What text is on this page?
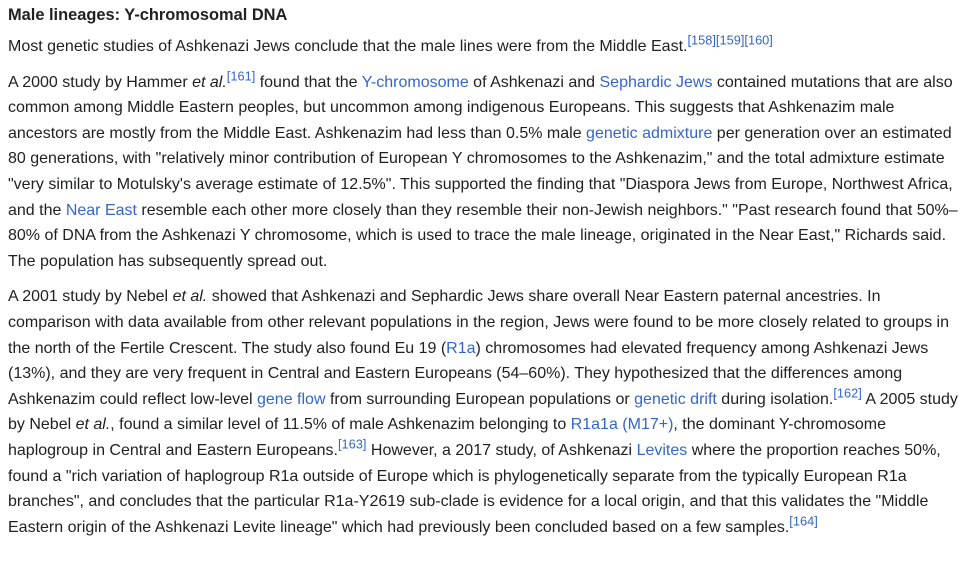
Male lineages: Y-chromosomal DNA

Most genetic studies of Ashkenazi Jews conclude that the male lines were from the Middle East.[158][159][160]

A 2000 study by Hammer et al.[161] found that the Y-chromosome of Ashkenazi and Sephardic Jews contained mutations that are also common among Middle Eastern peoples, but uncommon among indigenous Europeans. This suggests that Ashkenazim male ancestors are mostly from the Middle East. Ashkenazim had less than 0.5% male genetic admixture per generation over an estimated 80 generations, with "relatively minor contribution of European Y chromosomes to the Ashkenazim," and the total admixture estimate "very similar to Motulsky's average estimate of 12.5%". This supported the finding that "Diaspora Jews from Europe, Northwest Africa, and the Near East resemble each other more closely than they resemble their non-Jewish neighbors." "Past research found that 50%–80% of DNA from the Ashkenazi Y chromosome, which is used to trace the male lineage, originated in the Near East," Richards said. The population has subsequently spread out.

A 2001 study by Nebel et al. showed that Ashkenazi and Sephardic Jews share overall Near Eastern paternal ancestries. In comparison with data available from other relevant populations in the region, Jews were found to be more closely related to groups in the north of the Fertile Crescent. The study also found Eu 19 (R1a) chromosomes had elevated frequency among Ashkenazi Jews (13%), and they are very frequent in Central and Eastern Europeans (54–60%). They hypothesized that the differences among Ashkenazim could reflect low-level gene flow from surrounding European populations or genetic drift during isolation.[162] A 2005 study by Nebel et al., found a similar level of 11.5% of male Ashkenazim belonging to R1a1a (M17+), the dominant Y-chromosome haplogroup in Central and Eastern Europeans.[163] However, a 2017 study, of Ashkenazi Levites where the proportion reaches 50%, found a "rich variation of haplogroup R1a outside of Europe which is phylogenetically separate from the typically European R1a branches", and concludes that the particular R1a-Y2619 sub-clade is evidence for a local origin, and that this validates the "Middle Eastern origin of the Ashkenazi Levite lineage" which had previously been concluded based on a few samples.[164]
